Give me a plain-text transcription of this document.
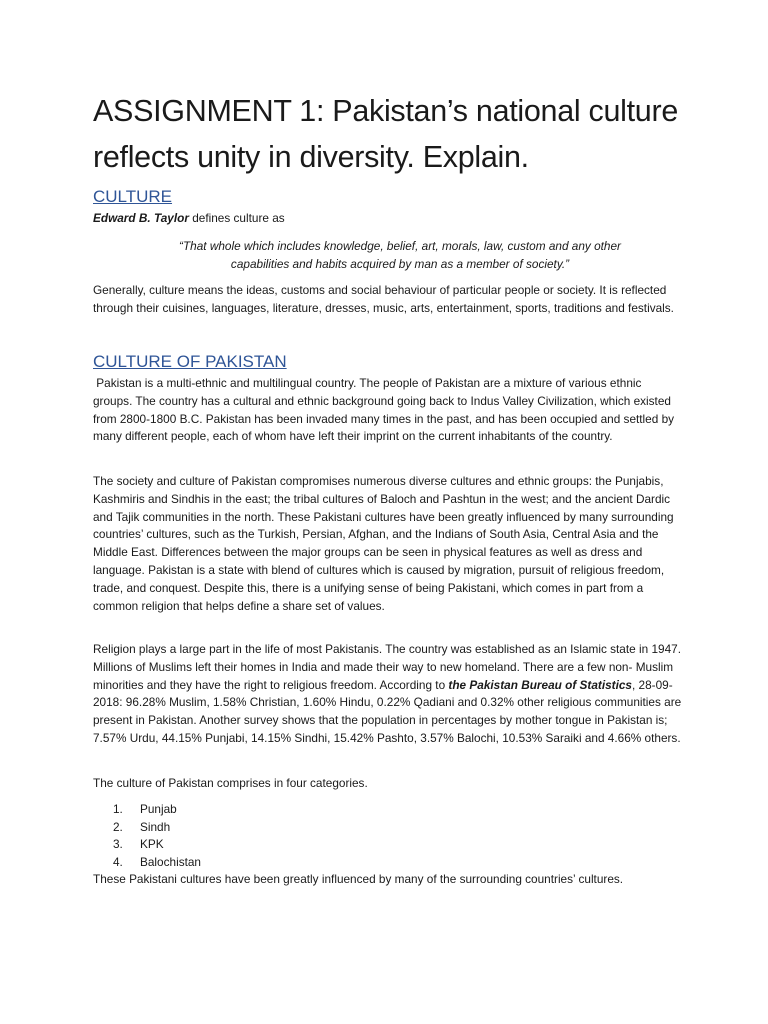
ASSIGNMENT 1: Pakistan’s national culture reflects unity in diversity. Explain.
CULTURE
Edward B. Taylor defines culture as
“That whole which includes knowledge, belief, art, morals, law, custom and any other capabilities and habits acquired by man as a member of society.”

Generally, culture means the ideas, customs and social behaviour of particular people or society. It is reflected through their cuisines, languages, literature, dresses, music, arts, entertainment, sports, traditions and festivals.

CULTURE OF PAKISTAN

Pakistan is a multi-ethnic and multilingual country. The people of Pakistan are a mixture of various ethnic groups. The country has a cultural and ethnic background going back to Indus Valley Civilization, which existed from 2800-1800 B.C. Pakistan has been invaded many times in the past, and has been occupied and settled by many different people, each of whom have left their imprint on the current inhabitants of the country.

The society and culture of Pakistan compromises numerous diverse cultures and ethnic groups: the Punjabis, Kashmiris and Sindhis in the east; the tribal cultures of Baloch and Pashtun in the west; and the ancient Dardic and Tajik communities in the north. These Pakistani cultures have been greatly influenced by many surrounding countries’ cultures, such as the Turkish, Persian, Afghan, and the Indians of South Asia, Central Asia and the Middle East. Differences between the major groups can be seen in physical features as well as dress and language. Pakistan is a state with blend of cultures which is caused by migration, pursuit of religious freedom, trade, and conquest. Despite this, there is a unifying sense of being Pakistani, which comes in part from a common religion that helps define a share set of values.

Religion plays a large part in the life of most Pakistanis. The country was established as an Islamic state in 1947. Millions of Muslims left their homes in India and made their way to new homeland. There are a few non- Muslim minorities and they have the right to religious freedom. According to the Pakistan Bureau of Statistics, 28-09-2018: 96.28% Muslim, 1.58% Christian, 1.60% Hindu, 0.22% Qadiani and 0.32% other religious communities are present in Pakistan. Another survey shows that the population in percentages by mother tongue in Pakistan is; 7.57% Urdu, 44.15% Punjabi, 14.15% Sindhi, 15.42% Pashto, 3.57% Balochi, 10.53% Saraiki and 4.66% others.

The culture of Pakistan comprises in four categories.

1.	Punjab
2.	Sindh
3.	KPK
4.	Balochistan

These Pakistani cultures have been greatly influenced by many of the surrounding countries’ cultures.
